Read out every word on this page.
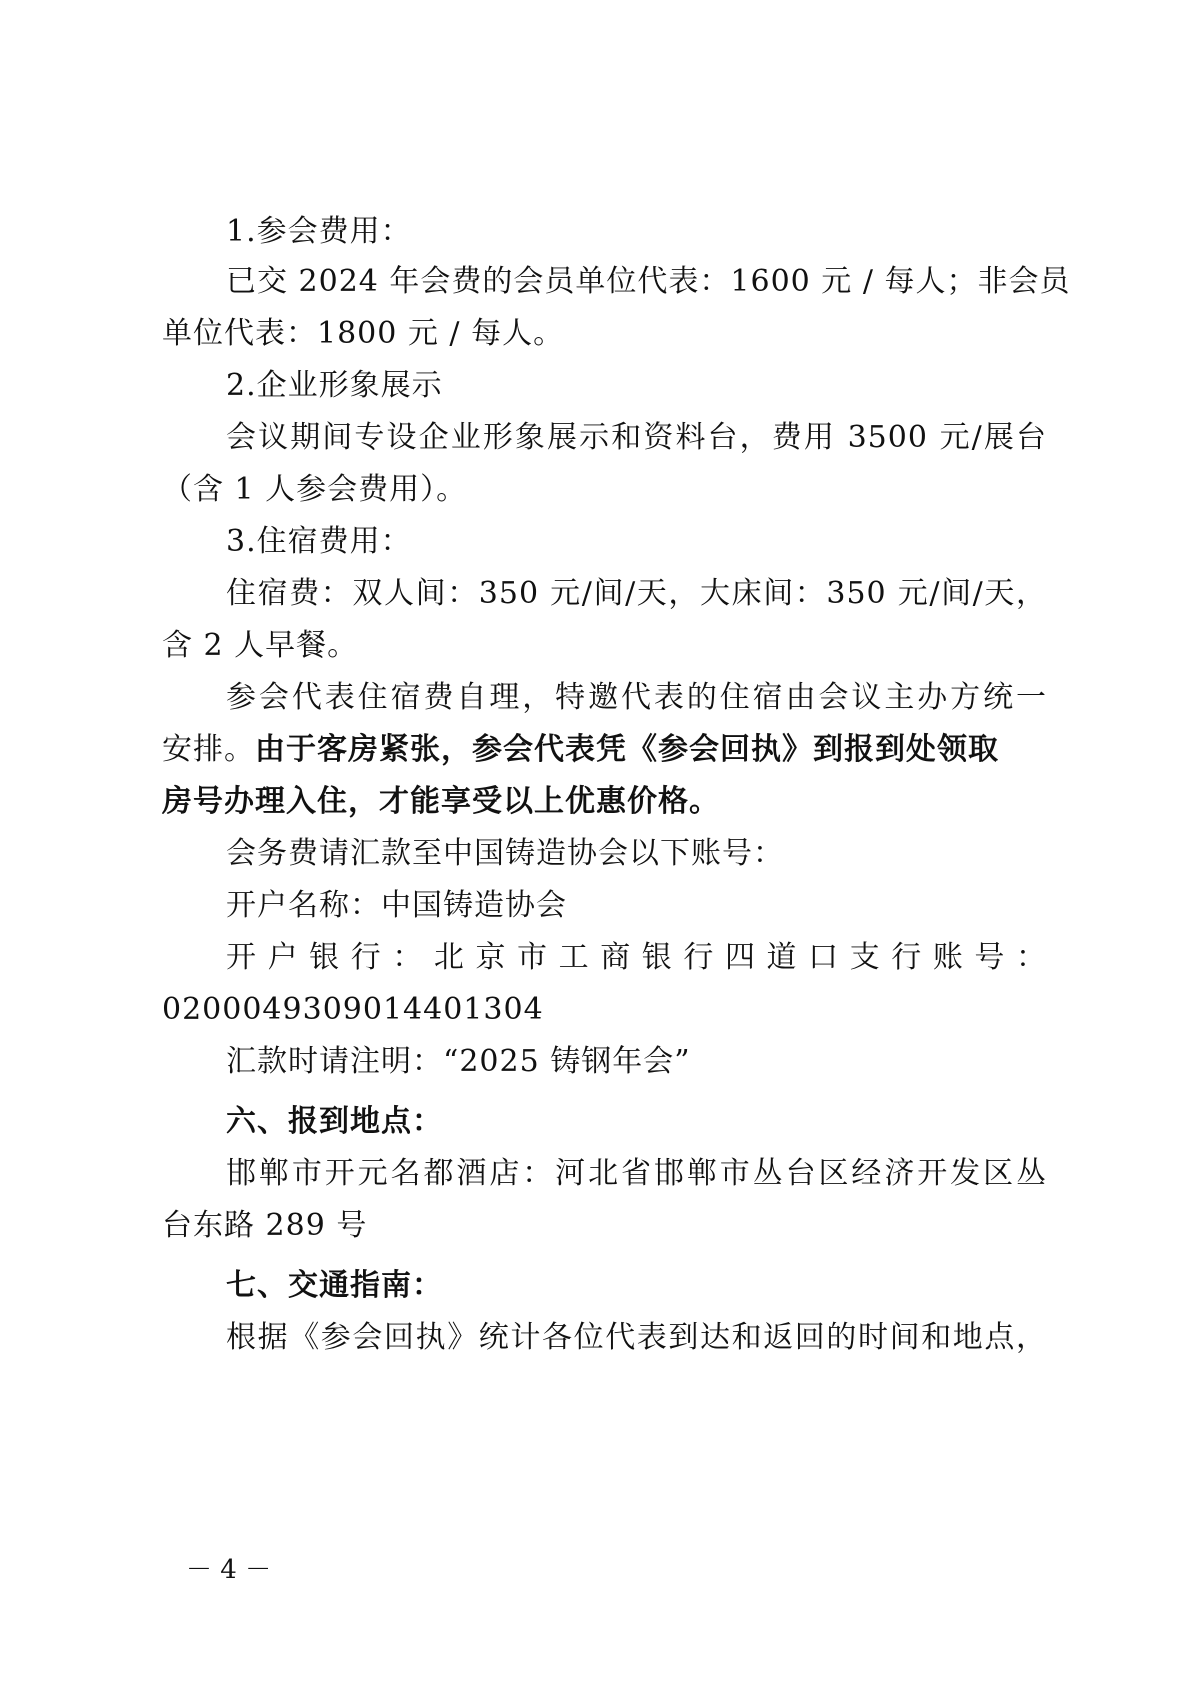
1.参会费用：
已交 2024 年会费的会员单位代表：1600 元 / 每人；非会员
单位代表：1800 元 / 每人。
2.企业形象展示
会议期间专设企业形象展示和资料台，费用 3500 元/展台
（含 1 人参会费用）。
3.住宿费用：
住宿费：双人间：350 元/间/天，大床间：350 元/间/天，
含 2 人早餐。
参会代表住宿费自理，特邀代表的住宿由会议主办方统一
安排。由于客房紧张，参会代表凭《参会回执》到报到处领取
房号办理入住，才能享受以上优惠价格。
会务费请汇款至中国铸造协会以下账号：
开户名称：中国铸造协会
开户银行：北京市工商银行四道口支行账号：
0200049309014401304
汇款时请注明：“2025 铸钢年会”
六、报到地点：
邯郸市开元名都酒店：河北省邯郸市丛台区经济开发区丛
台东路 289 号
七、交通指南：
根据《参会回执》统计各位代表到达和返回的时间和地点，
－ 4 －
